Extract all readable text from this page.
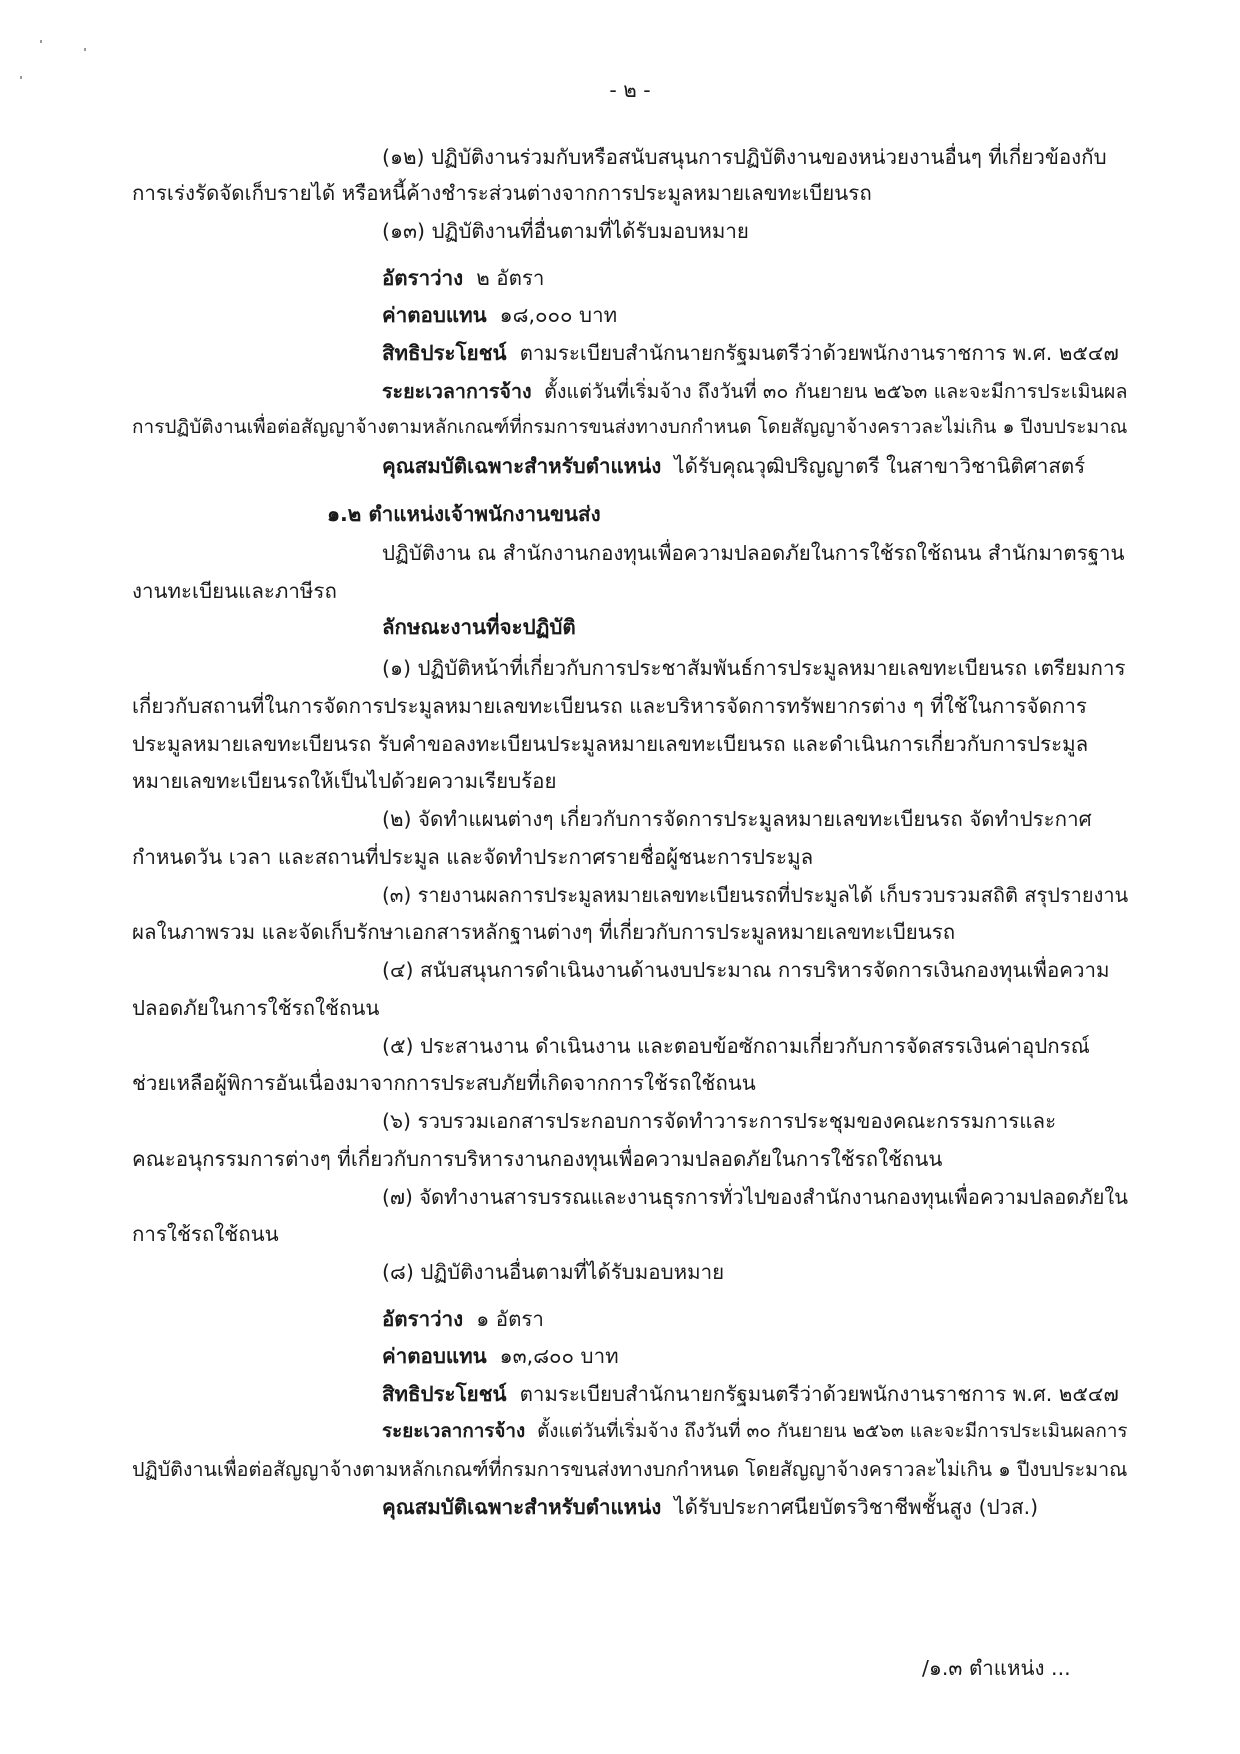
- ๒ -
(๑๒) ปฏิบัติงานร่วมกับหรือสนับสนุนการปฏิบัติงานของหน่วยงานอื่นๆ ที่เกี่ยวข้องกับ
การเร่งรัดจัดเก็บรายได้ หรือหนี้ค้างชำระส่วนต่างจากการประมูลหมายเลขทะเบียนรถ
(๑๓) ปฏิบัติงานที่อื่นตามที่ได้รับมอบหมาย
อัตราว่าง ๒ อัตรา
ค่าตอบแทน ๑๘,๐๐๐ บาท
สิทธิประโยชน์ ตามระเบียบสำนักนายกรัฐมนตรีว่าด้วยพนักงานราชการ พ.ศ. ๒๕๔๗
ระยะเวลาการจ้าง ตั้งแต่วันที่เริ่มจ้าง ถึงวันที่ ๓๐ กันยายน ๒๕๖๓ และจะมีการประเมินผล
การปฏิบัติงานเพื่อต่อสัญญาจ้างตามหลักเกณฑ์ที่กรมการขนส่งทางบกกำหนด โดยสัญญาจ้างคราวละไม่เกิน ๑ ปีงบประมาณ
คุณสมบัติเฉพาะสำหรับตำแหน่ง ได้รับคุณวุฒิปริญญาตรี ในสาขาวิชานิติศาสตร์
๑.๒ ตำแหน่งเจ้าพนักงานขนส่ง
ปฏิบัติงาน ณ สำนักงานกองทุนเพื่อความปลอดภัยในการใช้รถใช้ถนน สำนักมาตรฐาน
งานทะเบียนและภาษีรถ
ลักษณะงานที่จะปฏิบัติ
(๑) ปฏิบัติหน้าที่เกี่ยวกับการประชาสัมพันธ์การประมูลหมายเลขทะเบียนรถ เตรียมการ
เกี่ยวกับสถานที่ในการจัดการประมูลหมายเลขทะเบียนรถ และบริหารจัดการทรัพยากรต่าง ๆ ที่ใช้ในการจัดการ
ประมูลหมายเลขทะเบียนรถ รับคำขอลงทะเบียนประมูลหมายเลขทะเบียนรถ และดำเนินการเกี่ยวกับการประมูล
หมายเลขทะเบียนรถให้เป็นไปด้วยความเรียบร้อย
(๒) จัดทำแผนต่างๆ เกี่ยวกับการจัดการประมูลหมายเลขทะเบียนรถ จัดทำประกาศ
กำหนดวัน เวลา และสถานที่ประมูล และจัดทำประกาศรายชื่อผู้ชนะการประมูล
(๓) รายงานผลการประมูลหมายเลขทะเบียนรถที่ประมูลได้ เก็บรวบรวมสถิติ สรุปรายงาน
ผลในภาพรวม และจัดเก็บรักษาเอกสารหลักฐานต่างๆ ที่เกี่ยวกับการประมูลหมายเลขทะเบียนรถ
(๔) สนับสนุนการดำเนินงานด้านงบประมาณ การบริหารจัดการเงินกองทุนเพื่อความ
ปลอดภัยในการใช้รถใช้ถนน
(๕) ประสานงาน ดำเนินงาน และตอบข้อซักถามเกี่ยวกับการจัดสรรเงินค่าอุปกรณ์
ช่วยเหลือผู้พิการอันเนื่องมาจากการประสบภัยที่เกิดจากการใช้รถใช้ถนน
(๖) รวบรวมเอกสารประกอบการจัดทำวาระการประชุมของคณะกรรมการและ
คณะอนุกรรมการต่างๆ ที่เกี่ยวกับการบริหารงานกองทุนเพื่อความปลอดภัยในการใช้รถใช้ถนน
(๗) จัดทำงานสารบรรณและงานธุรการทั่วไปของสำนักงานกองทุนเพื่อความปลอดภัยใน
การใช้รถใช้ถนน
(๘) ปฏิบัติงานอื่นตามที่ได้รับมอบหมาย
อัตราว่าง ๑ อัตรา
ค่าตอบแทน ๑๓,๘๐๐ บาท
สิทธิประโยชน์ ตามระเบียบสำนักนายกรัฐมนตรีว่าด้วยพนักงานราชการ พ.ศ. ๒๕๔๗
ระยะเวลาการจ้าง ตั้งแต่วันที่เริ่มจ้าง ถึงวันที่ ๓๐ กันยายน ๒๕๖๓ และจะมีการประเมินผลการ
ปฏิบัติงานเพื่อต่อสัญญาจ้างตามหลักเกณฑ์ที่กรมการขนส่งทางบกกำหนด โดยสัญญาจ้างคราวละไม่เกิน ๑ ปีงบประมาณ
คุณสมบัติเฉพาะสำหรับตำแหน่ง ได้รับประกาศนียบัตรวิชาชีพชั้นสูง (ปวส.)
/๑.๓ ตำแหน่ง ...
